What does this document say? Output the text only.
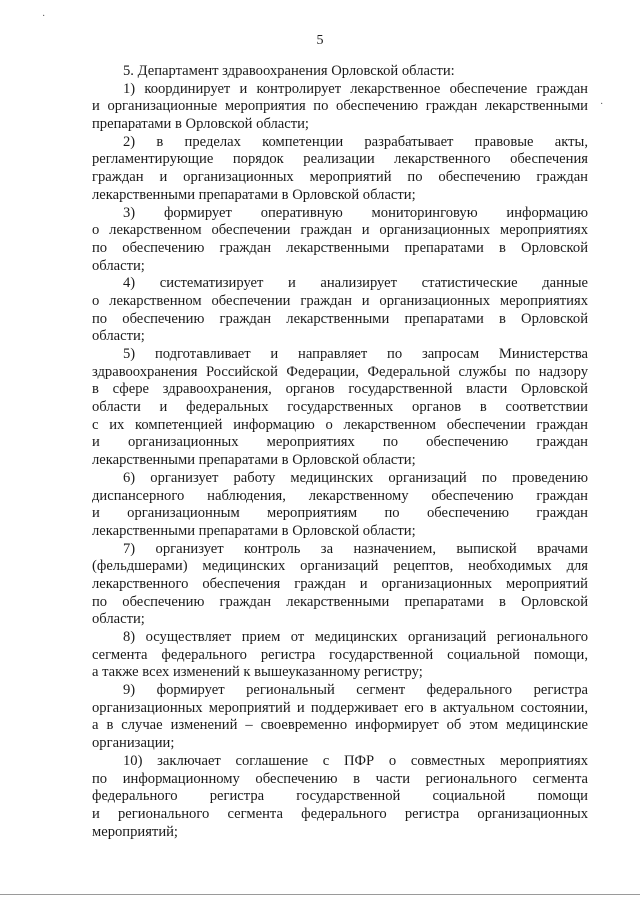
·
·
5
5. Департамент здравоохранения Орловской области:
1) координирует и контролирует лекарственное обеспечение граждан
и организационные мероприятия по обеспечению граждан лекарственными
препаратами в Орловской области;
2) в пределах компетенции разрабатывает правовые акты,
регламентирующие порядок реализации лекарственного обеспечения
граждан и организационных мероприятий по обеспечению граждан
лекарственными препаратами в Орловской области;
3) формирует оперативную мониторинговую информацию
о лекарственном обеспечении граждан и организационных мероприятиях
по обеспечению граждан лекарственными препаратами в Орловской
области;
4) систематизирует и анализирует статистические данные
о лекарственном обеспечении граждан и организационных мероприятиях
по обеспечению граждан лекарственными препаратами в Орловской
области;
5) подготавливает и направляет по запросам Министерства
здравоохранения Российской Федерации, Федеральной службы по надзору
в сфере здравоохранения, органов государственной власти Орловской
области и федеральных государственных органов в соответствии
с их компетенцией информацию о лекарственном обеспечении граждан
и организационных мероприятиях по обеспечению граждан
лекарственными препаратами в Орловской области;
6) организует работу медицинских организаций по проведению
диспансерного наблюдения, лекарственному обеспечению граждан
и организационным мероприятиям по обеспечению граждан
лекарственными препаратами в Орловской области;
7) организует контроль за назначением, выпиской врачами
(фельдшерами) медицинских организаций рецептов, необходимых для
лекарственного обеспечения граждан и организационных мероприятий
по обеспечению граждан лекарственными препаратами в Орловской
области;
8) осуществляет прием от медицинских организаций регионального
сегмента федерального регистра государственной социальной помощи,
а также всех изменений к вышеуказанному регистру;
9) формирует региональный сегмент федерального регистра
организационных мероприятий и поддерживает его в актуальном состоянии,
а в случае изменений – своевременно информирует об этом медицинские
организации;
10) заключает соглашение с ПФР о совместных мероприятиях
по информационному обеспечению в части регионального сегмента
федерального регистра государственной социальной помощи
и регионального сегмента федерального регистра организационных
мероприятий;
